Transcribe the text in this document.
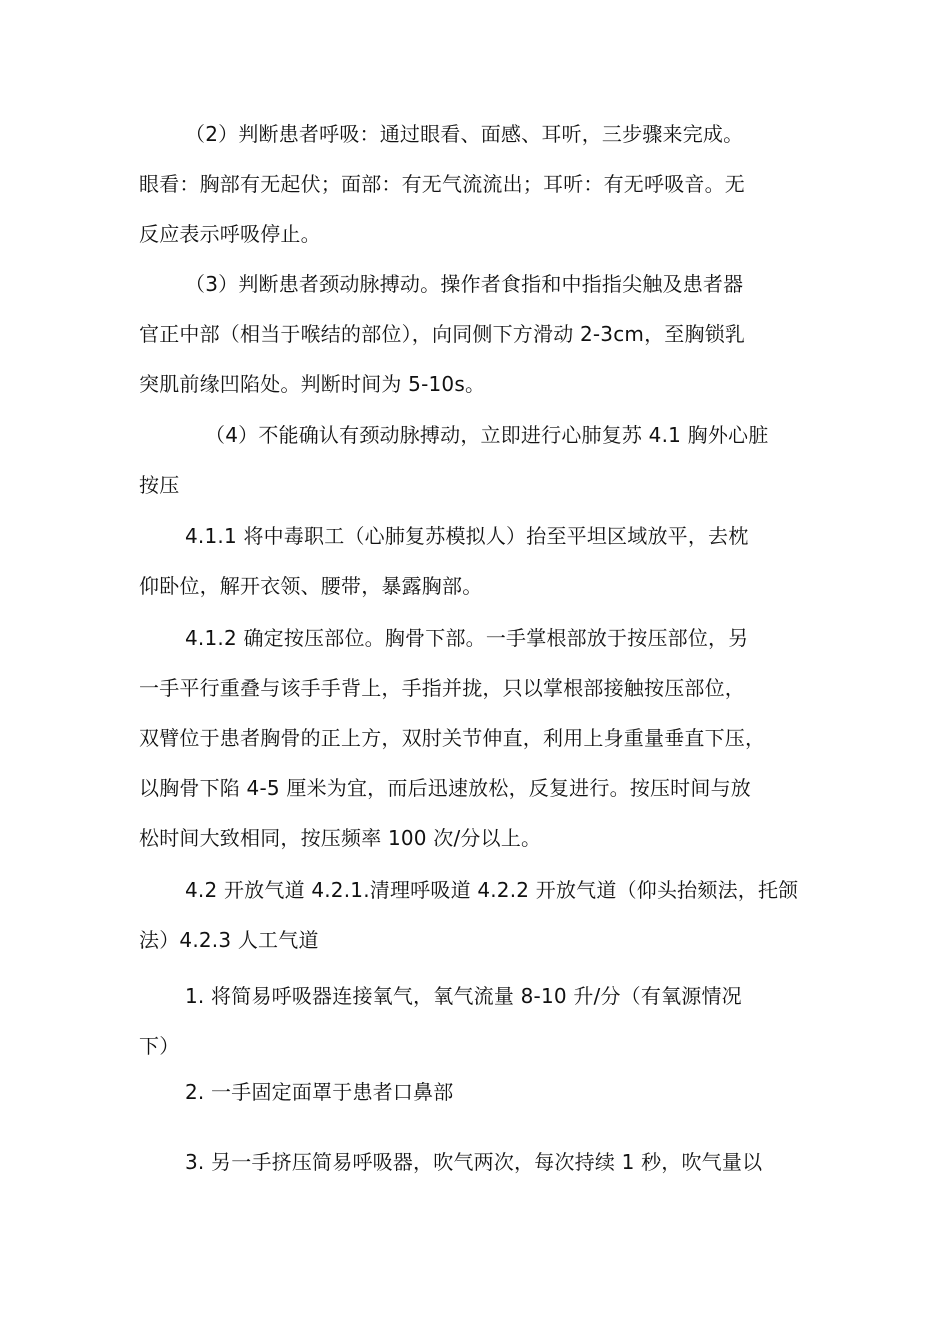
（2）判断患者呼吸：通过眼看、面感、耳听，三步骤来完成。
眼看：胸部有无起伏；面部：有无气流流出；耳听：有无呼吸音。无
反应表示呼吸停止。
（3）判断患者颈动脉搏动。操作者食指和中指指尖触及患者器
官正中部（相当于喉结的部位），向同侧下方滑动 2-3cm，至胸锁乳
突肌前缘凹陷处。判断时间为 5-10s。
（4）不能确认有颈动脉搏动，立即进行心肺复苏 4.1 胸外心脏
按压
4.1.1 将中毒职工（心肺复苏模拟人）抬至平坦区域放平，去枕
仰卧位，解开衣领、腰带，暴露胸部。
4.1.2 确定按压部位。胸骨下部。一手掌根部放于按压部位，另
一手平行重叠与该手手背上，手指并拢，只以掌根部接触按压部位，
双臂位于患者胸骨的正上方，双肘关节伸直，利用上身重量垂直下压，
以胸骨下陷 4-5 厘米为宜，而后迅速放松，反复进行。按压时间与放
松时间大致相同，按压频率 100 次/分以上。
4.2 开放气道 4.2.1.清理呼吸道 4.2.2 开放气道（仰头抬颏法，托颌
法）4.2.3 人工气道
1. 将简易呼吸器连接氧气，氧气流量 8-10 升/分（有氧源情况
下）
2. 一手固定面罩于患者口鼻部
3. 另一手挤压简易呼吸器，吹气两次，每次持续 1 秒，吹气量以
